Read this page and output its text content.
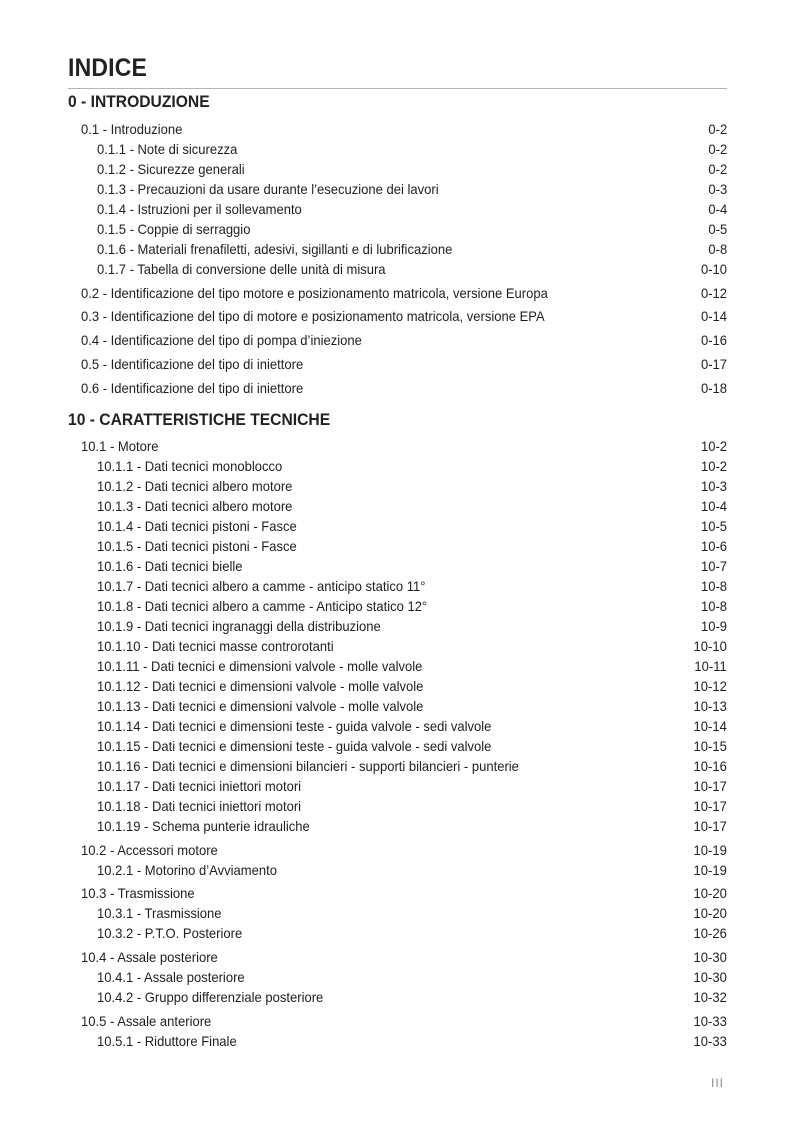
INDICE
0 - INTRODUZIONE
0.1 - Introduzione	0-2
0.1.1 - Note di sicurezza	0-2
0.1.2 - Sicurezze generali	0-2
0.1.3 - Precauzioni da usare durante l’esecuzione dei lavori	0-3
0.1.4 - Istruzioni per il sollevamento	0-4
0.1.5 - Coppie di serraggio	0-5
0.1.6 - Materiali frenafiletti, adesivi, sigillanti e di lubrificazione	0-8
0.1.7 - Tabella di conversione delle unità di misura	0-10
0.2 - Identificazione del tipo motore e posizionamento matricola, versione Europa	0-12
0.3 - Identificazione del tipo di motore e posizionamento matricola, versione EPA	0-14
0.4 - Identificazione del tipo di pompa d’iniezione	0-16
0.5 - Identificazione del tipo di iniettore	0-17
0.6 - Identificazione del tipo di iniettore	0-18
10 - CARATTERISTICHE TECNICHE
10.1 - Motore	10-2
10.1.1 - Dati tecnici monoblocco	10-2
10.1.2 - Dati tecnici albero motore	10-3
10.1.3 - Dati tecnici albero motore	10-4
10.1.4 - Dati tecnici pistoni - Fasce	10-5
10.1.5 - Dati tecnici pistoni - Fasce	10-6
10.1.6 - Dati tecnici bielle	10-7
10.1.7 - Dati tecnici albero a camme - anticipo statico 11°	10-8
10.1.8 - Dati tecnici albero a camme - Anticipo statico 12°	10-8
10.1.9 - Dati tecnici ingranaggi della distribuzione	10-9
10.1.10 - Dati tecnici masse controrotanti	10-10
10.1.11 - Dati tecnici e dimensioni valvole - molle valvole	10-11
10.1.12 - Dati tecnici e dimensioni valvole - molle valvole	10-12
10.1.13 - Dati tecnici e dimensioni valvole - molle valvole	10-13
10.1.14 - Dati tecnici e dimensioni teste - guida valvole - sedi valvole	10-14
10.1.15 - Dati tecnici e dimensioni teste - guida valvole - sedi valvole	10-15
10.1.16 - Dati tecnici e dimensioni bilancieri - supporti bilancieri - punterie	10-16
10.1.17 - Dati tecnici iniettori motori	10-17
10.1.18 - Dati tecnici iniettori motori	10-17
10.1.19 - Schema punterie idrauliche	10-17
10.2 - Accessori motore	10-19
10.2.1 - Motorino d’Avviamento	10-19
10.3 - Trasmissione	10-20
10.3.1 - Trasmissione	10-20
10.3.2 - P.T.O. Posteriore	10-26
10.4 - Assale posteriore	10-30
10.4.1 - Assale posteriore	10-30
10.4.2 - Gruppo differenziale posteriore	10-32
10.5 - Assale anteriore	10-33
10.5.1 - Riduttore Finale	10-33
III
